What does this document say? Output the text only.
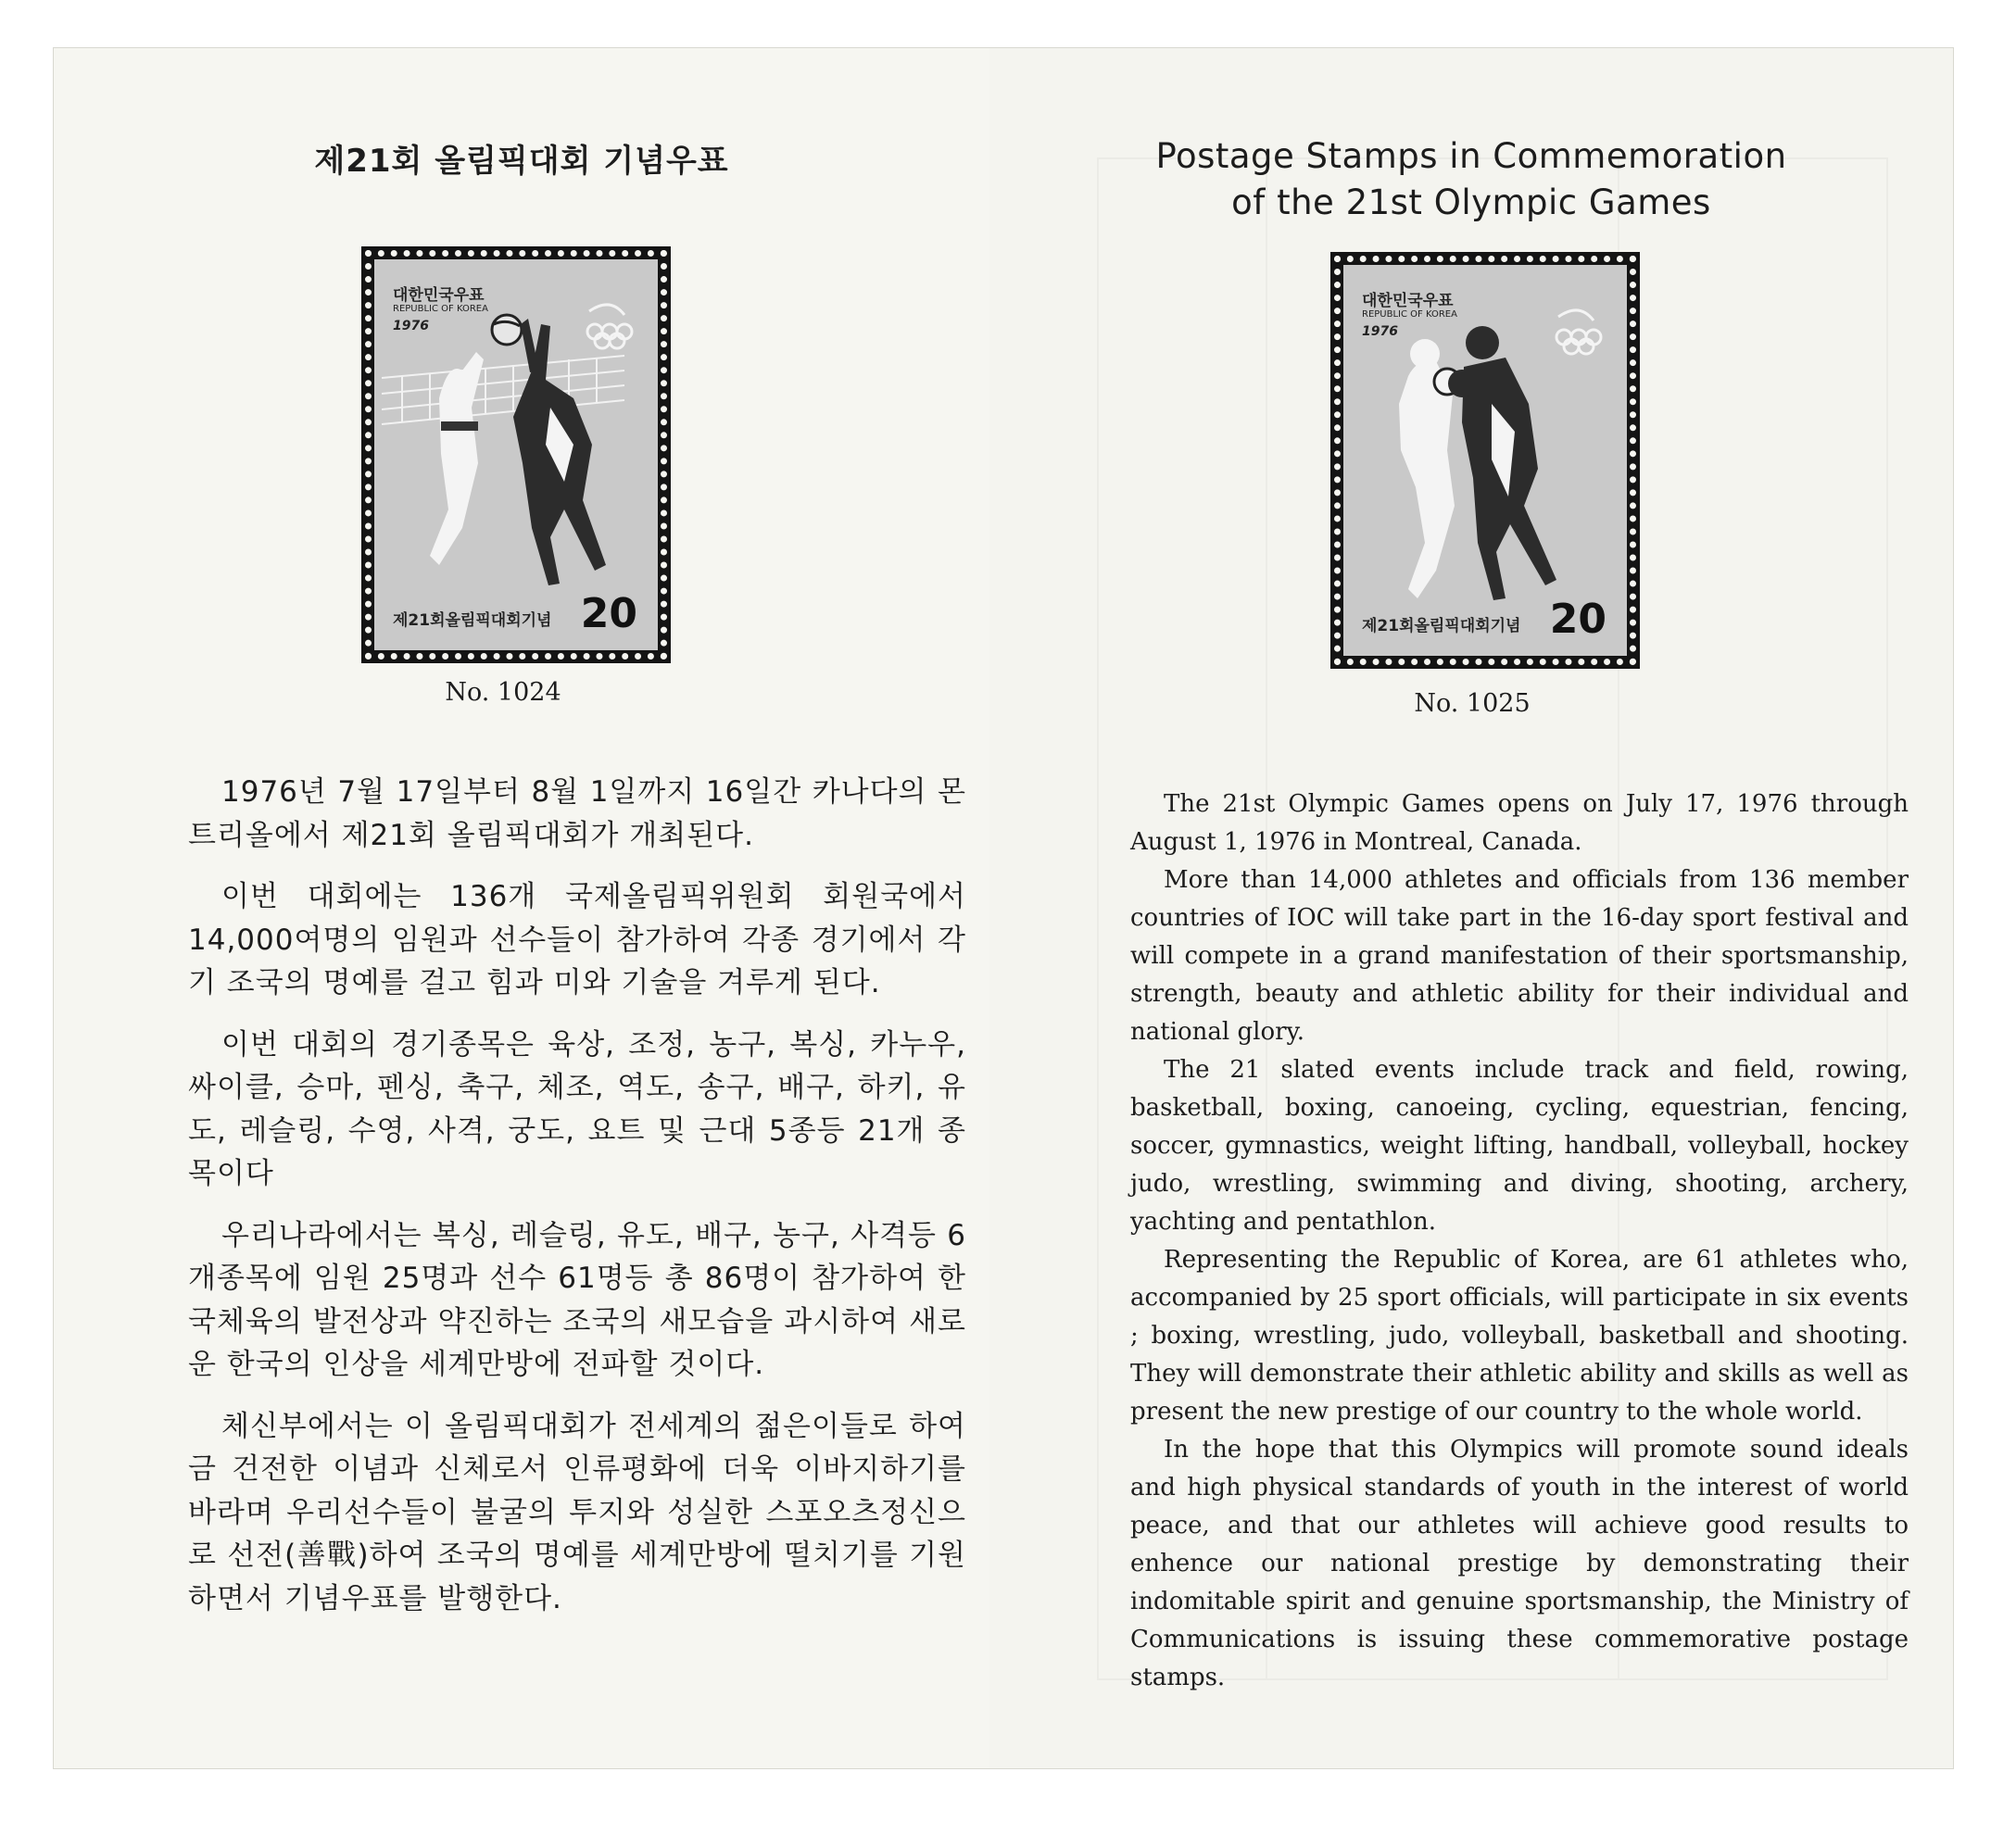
제21회 올림픽대회 기념우표
대한민국우표
REPUBLIC OF KOREA
1976
제21회올림픽대회기념 20
No. 1024

1976년 7월 17일부터 8월 1일까지 16일간 카나다의 몬트리올에서 제21회 올림픽대회가 개최된다.

이번 대회에는 136개 국제올림픽위원회 회원국에서 14,000여명의 임원과 선수들이 참가하여 각종 경기에서 각기 조국의 명예를 걸고 힘과 미와 기술을 겨루게 된다.

이번 대회의 경기종목은 육상, 조정, 농구, 복싱, 카누우, 싸이클, 승마, 펜싱, 축구, 체조, 역도, 송구, 배구, 하키, 유도, 레슬링, 수영, 사격, 궁도, 요트 및 근대 5종등 21개 종목이다

우리나라에서는 복싱, 레슬링, 유도, 배구, 농구, 사격등 6개종목에 임원 25명과 선수 61명등 총 86명이 참가하여 한국체육의 발전상과 약진하는 조국의 새모습을 과시하여 새로운 한국의 인상을 세계만방에 전파할 것이다.

체신부에서는 이 올림픽대회가 전세계의 젊은이들로 하여금 건전한 이념과 신체로서 인류평화에 더욱 이바지하기를 바라며 우리선수들이 불굴의 투지와 성실한 스포오츠정신으로 선전(善戰)하여 조국의 명예를 세계만방에 떨치기를 기원하면서 기념우표를 발행한다.

Postage Stamps in Commemoration
of the 21st Olympic Games
대한민국우표
REPUBLIC OF KOREA
1976
제21회올림픽대회기념 20
No. 1025

The 21st Olympic Games opens on July 17, 1976 through August 1, 1976 in Montreal, Canada.

More than 14,000 athletes and officials from 136 member countries of IOC will take part in the 16-day sport festival and will compete in a grand manifestation of their sportsmanship, strength, beauty and athletic ability for their individual and national glory.

The 21 slated events include track and field, rowing, basketball, boxing, canoeing, cycling, equestrian, fencing, soccer, gymnastics, weight lifting, handball, volleyball, hockey judo, wrestling, swimming and diving, shooting, archery, yachting and pentathlon.

Representing the Republic of Korea, are 61 athletes who, accompanied by 25 sport officials, will participate in six events ; boxing, wrestling, judo, volleyball, basketball and shooting. They will demonstrate their athletic ability and skills as well as present the new prestige of our country to the whole world.

In the hope that this Olympics will promote sound ideals and high physical standards of youth in the interest of world peace, and that our athletes will achieve good results to enhence our national prestige by demonstrating their indomitable spirit and genuine sportsmanship, the Ministry of Communications is issuing these commemorative postage stamps.
